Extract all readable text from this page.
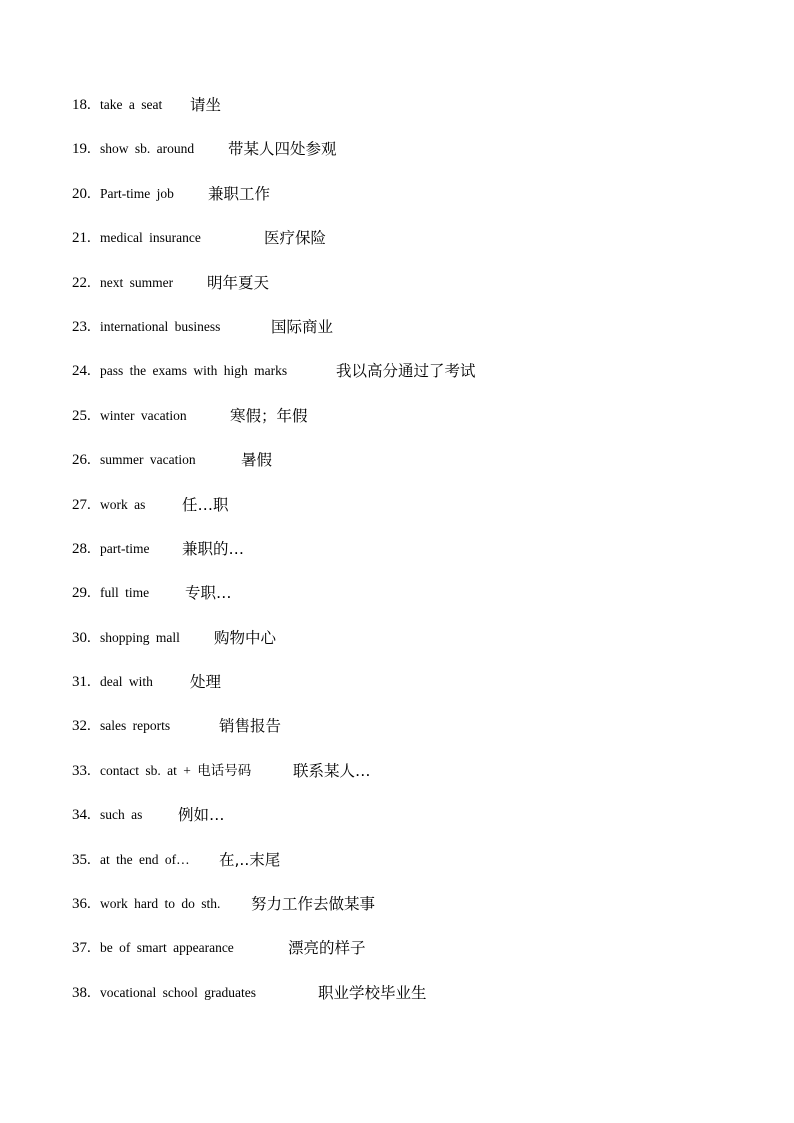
18. take a seat	请坐
19. show sb. around	带某人四处参观
20. Part-time job	兼职工作
21. medical insurance	医疗保险
22. next summer	明年夏天
23. international business	国际商业
24. pass the exams with high marks	我以高分通过了考试
25. winter vacation	寒假；年假
26. summer vacation	暑假
27. work as	任…职
28. part-time	兼职的…
29. full time	专职…
30. shopping mall	购物中心
31. deal with	处理
32. sales reports	销售报告
33. contact sb. at + 电话号码	联系某人…
34. such as	例如…
35. at the end of…	在,..末尾
36. work hard to do sth.	努力工作去做某事
37. be of smart appearance	漂亮的样子
38. vocational school graduates	职业学校毕业生
